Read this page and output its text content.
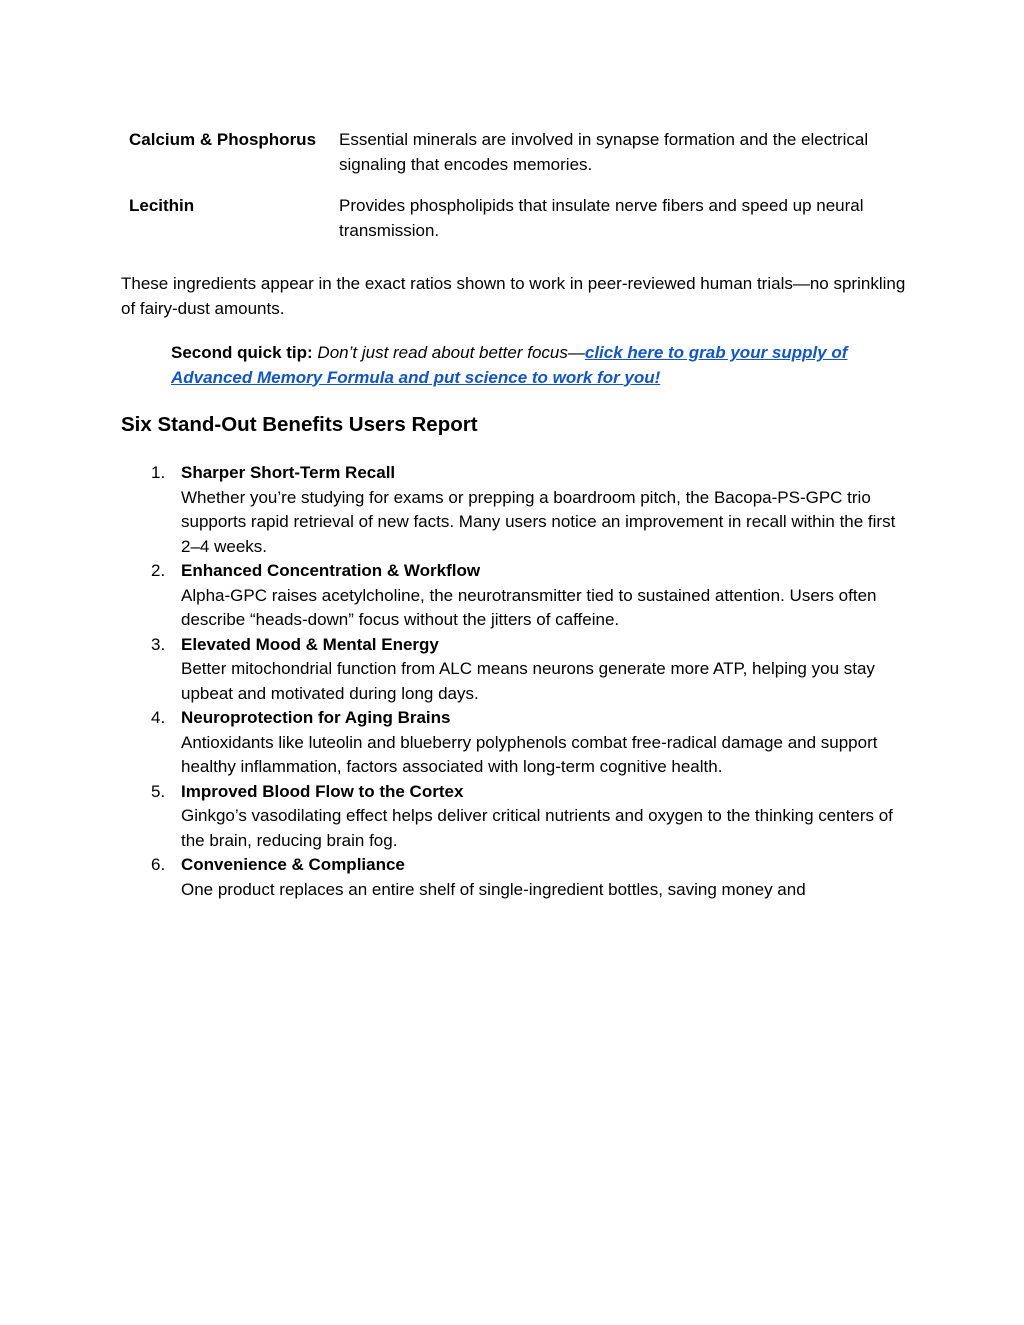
Calcium & Phosphorus	Essential minerals are involved in synapse formation and the electrical signaling that encodes memories.
Lecithin	Provides phospholipids that insulate nerve fibers and speed up neural transmission.

These ingredients appear in the exact ratios shown to work in peer-reviewed human trials—no sprinkling of fairy-dust amounts.

Second quick tip: Don’t just read about better focus—click here to grab your supply of Advanced Memory Formula and put science to work for you!

Six Stand-Out Benefits Users Report
1. Sharper Short-Term Recall
Whether you’re studying for exams or prepping a boardroom pitch, the Bacopa-PS-GPC trio supports rapid retrieval of new facts. Many users notice an improvement in recall within the first 2–4 weeks.
2. Enhanced Concentration & Workflow
Alpha-GPC raises acetylcholine, the neurotransmitter tied to sustained attention. Users often describe “heads-down” focus without the jitters of caffeine.
3. Elevated Mood & Mental Energy
Better mitochondrial function from ALC means neurons generate more ATP, helping you stay upbeat and motivated during long days.
4. Neuroprotection for Aging Brains
Antioxidants like luteolin and blueberry polyphenols combat free-radical damage and support healthy inflammation, factors associated with long-term cognitive health.
5. Improved Blood Flow to the Cortex
Ginkgo’s vasodilating effect helps deliver critical nutrients and oxygen to the thinking centers of the brain, reducing brain fog.
6. Convenience & Compliance
One product replaces an entire shelf of single-ingredient bottles, saving money and
